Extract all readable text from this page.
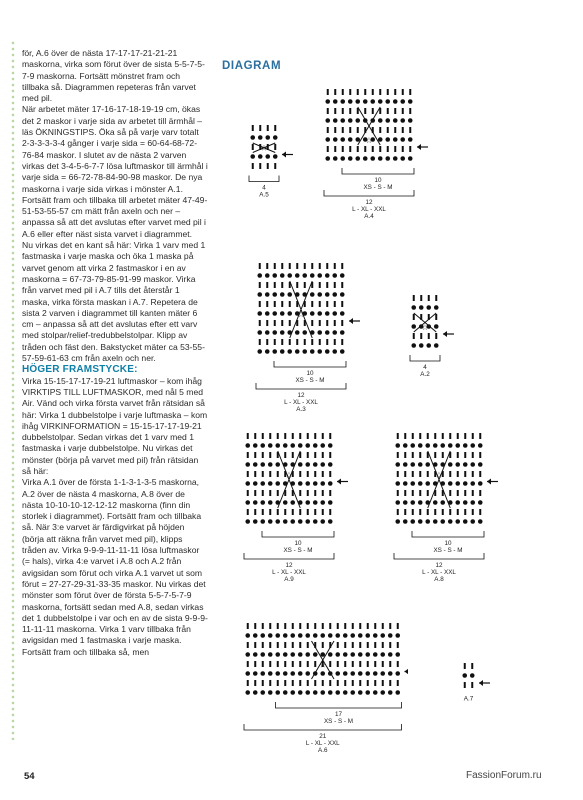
för, A.6 över de nästa 17-17-17-21-21-21 maskorna, virka som förut över de sista 5-5-7-5-7-9 maskorna. Fortsätt mönstret fram och tillbaka så. Diagrammen repeteras från varvet med pil.

När arbetet mäter 17-16-17-18-19-19 cm, ökas det 2 maskor i varje sida av arbetet till ärmhål – läs ÖKNINGSTIPS. Öka så på varje varv totalt 2-3-3-3-3-4 gånger i varje sida = 60-64-68-72-76-84 maskor. I slutet av de nästa 2 varven virkas det 3-4-5-6-7-7 lösa luftmaskor till ärmhål i varje sida = 66-72-78-84-90-98 maskor. De nya maskorna i varje sida virkas i mönster A.1. Fortsätt fram och tillbaka till arbetet mäter 47-49-51-53-55-57 cm mätt från axeln och ner – anpassa så att det avslutas efter varvet med pil i A.6 eller efter näst sista varvet i diagrammet.

Nu virkas det en kant så här: Virka 1 varv med 1 fastmaska i varje maska och öka 1 maska på varvet genom att virka 2 fastmaskor i en av maskorna = 67-73-79-85-91-99 maskor. Virka från varvet med pil i A.7 tills det återstår 1 maska, virka första maskan i A.7. Repetera de sista 2 varven i diagrammet till kanten mäter 6 cm – anpassa så att det avslutas efter ett varv med stolpar/relief-tredubbelstolpar. Klipp av tråden och fäst den. Bakstycket mäter ca 53-55-57-59-61-63 cm från axeln och ner.

HÖGER FRAMSTYCKE:

Virka 15-15-17-17-19-21 luftmaskor – kom ihåg VIRKTIPS TILL LUFTMASKOR, med nål 5 med Air. Vänd och virka första varvet från rätsidan så här: Virka 1 dubbelstolpe i varje luftmaska – kom ihåg VIRKINFORMATION = 15-15-17-17-19-21 dubbelstolpar. Sedan virkas det 1 varv med 1 fastmaska i varje dubbelstolpe. Nu virkas det mönster (börja på varvet med pil) från rätsidan så här:

Virka A.1 över de första 1-1-3-1-3-5 maskorna, A.2 över de nästa 4 maskorna, A.8 över de nästa 10-10-10-12-12-12 maskorna (finn din storlek i diagrammet). Fortsätt fram och tillbaka så. När 3:e varvet är färdigvirkat på höjden (börja att räkna från varvet med pil), klipps tråden av. Virka 9-9-9-11-11-11 lösa luftmaskor (= hals), virka 4:e varvet i A.8 och A.2 från avigsidan som förut och virka A.1 varvet ut som förut = 27-27-29-31-33-35 maskor. Nu virkas det mönster som förut över de första 5-5-7-5-7-9 maskorna, fortsätt sedan med A.8, sedan virkas det 1 dubbelstolpe i var och en av de sista 9-9-9-11-11-11 maskorna. Virka 1 varv tillbaka från avigsidan med 1 fastmaska i varje maska. Fortsätt fram och tillbaka så, men

DIAGRAM
☆
4
A.5
☆
10
XS - S - M
12
L - XL - XXL
A.4
☆
10
XS - S - M
12
L - XL - XXL
A.3
☆
4
A.2
☆
10
XS - S - M
12
L - XL - XXL
A.9
☆
10
XS - S - M
12
L - XL - XXL
A.8
☆
17
XS - S - M
21
L - XL - XXL
A.6
A.7
54	FassionForum.ru
